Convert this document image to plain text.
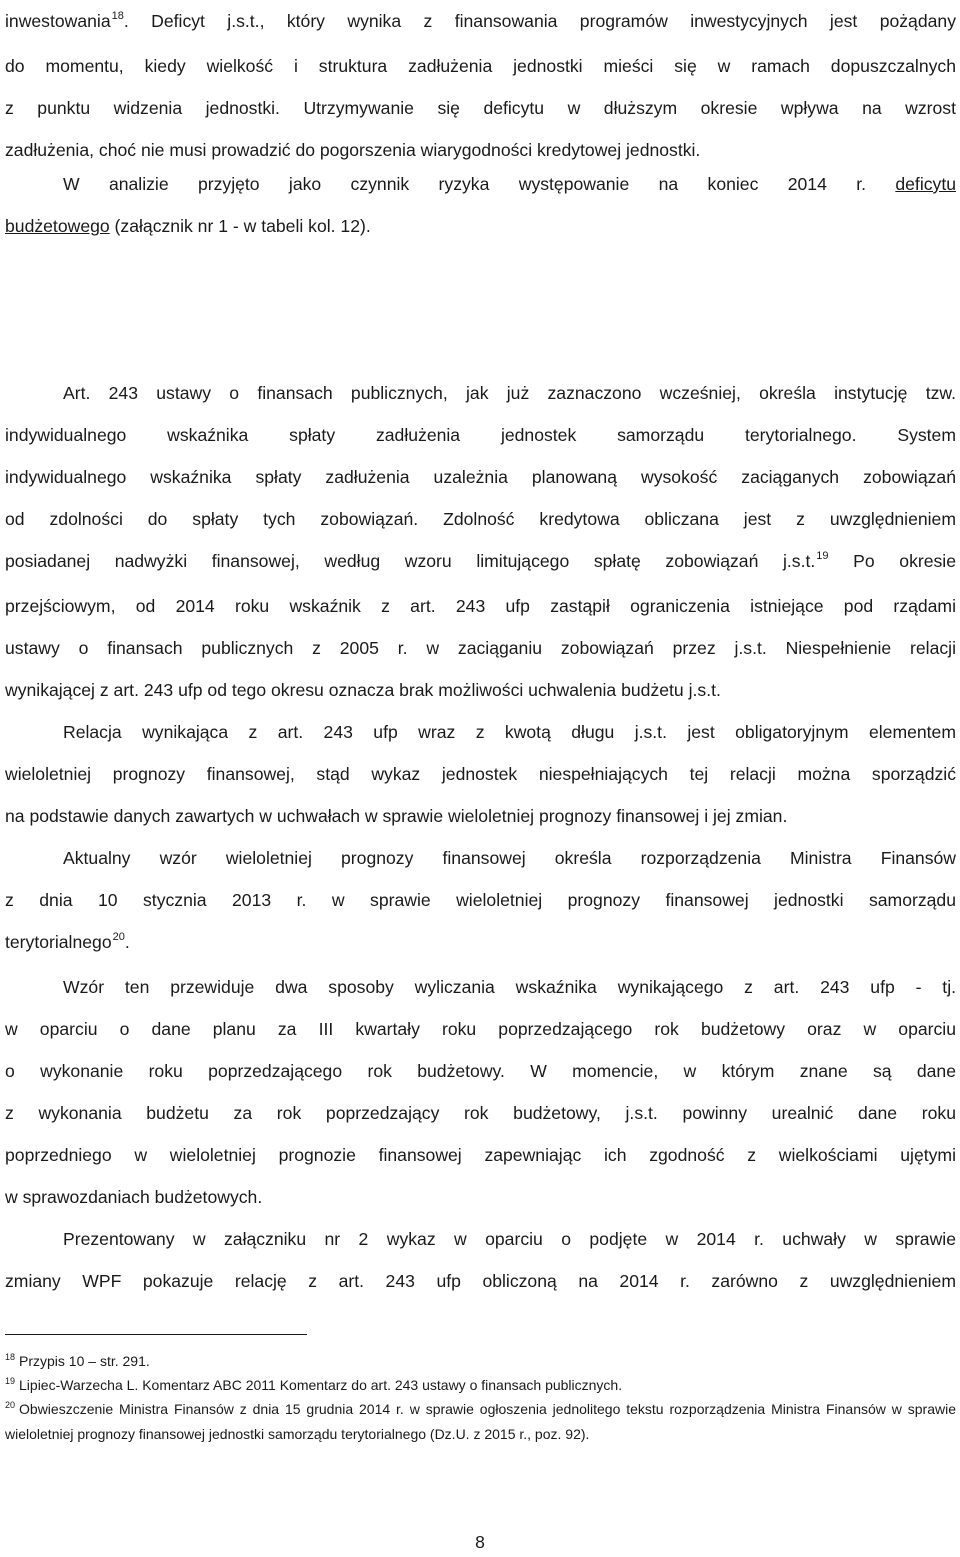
inwestowania$^{18}$. Deficyt j.s.t., który wynika z finansowania programów inwestycyjnych jest pożądany

do momentu, kiedy wielkość i struktura zadłużenia jednostki mieści się w ramach dopuszczalnych

z punktu widzenia jednostki. Utrzymywanie się deficytu w dłuższym okresie wpływa na wzrost

zadłużenia, choć nie musi prowadzić do pogorszenia wiarygodności kredytowej jednostki.

W analizie przyjęto jako czynnik ryzyka występowanie na koniec 2014 r. deficytu

budżetowego (załącznik nr 1 - w tabeli kol. 12).

Art. 243 ustawy o finansach publicznych, jak już zaznaczono wcześniej, określa instytucję tzw.

indywidualnego wskaźnika spłaty zadłużenia jednostek samorządu terytorialnego. System

indywidualnego wskaźnika spłaty zadłużenia uzależnia planowaną wysokość zaciąganych zobowiązań

od zdolności do spłaty tych zobowiązań. Zdolność kredytowa obliczana jest z uwzględnieniem

posiadanej nadwyżki finansowej, według wzoru limitującego spłatę zobowiązań j.s.t.$^{19}$ Po okresie

przejściowym, od 2014 roku wskaźnik z art. 243 ufp zastąpił ograniczenia istniejące pod rządami

ustawy o finansach publicznych z 2005 r. w zaciąganiu zobowiązań przez j.s.t. Niespełnienie relacji

wynikającej z art. 243 ufp od tego okresu oznacza brak możliwości uchwalenia budżetu j.s.t.

Relacja wynikająca z art. 243 ufp wraz z kwotą długu j.s.t. jest obligatoryjnym elementem

wieloletniej prognozy finansowej, stąd wykaz jednostek niespełniających tej relacji można sporządzić

na podstawie danych zawartych w uchwałach w sprawie wieloletniej prognozy finansowej i jej zmian.

Aktualny wzór wieloletniej prognozy finansowej określa rozporządzenia Ministra Finansów

z dnia 10 stycznia 2013 r. w sprawie wieloletniej prognozy finansowej jednostki samorządu

terytorialnego$^{20}$.

Wzór ten przewiduje dwa sposoby wyliczania wskaźnika wynikającego z art. 243 ufp - tj.

w oparciu o dane planu za III kwartały roku poprzedzającego rok budżetowy oraz w oparciu

o wykonanie roku poprzedzającego rok budżetowy. W momencie, w którym znane są dane

z wykonania budżetu za rok poprzedzający rok budżetowy, j.s.t. powinny urealnić dane roku

poprzedniego w wieloletniej prognozie finansowej zapewniając ich zgodność z wielkościami ujętymi

w sprawozdaniach budżetowych.

Prezentowany w załączniku nr 2 wykaz w oparciu o podjęte w 2014 r. uchwały w sprawie

zmiany WPF pokazuje relację z art. 243 ufp obliczoną na 2014 r. zarówno z uwzględnieniem

$^{18}$ Przypis 10 – str. 291.

$^{19}$ Lipiec-Warzecha L. Komentarz ABC 2011 Komentarz do art. 243 ustawy o finansach publicznych.

$^{20}$ Obwieszczenie Ministra Finansów z dnia 15 grudnia 2014 r. w sprawie ogłoszenia jednolitego tekstu rozporządzenia Ministra Finansów w sprawie wieloletniej prognozy finansowej jednostki samorządu terytorialnego (Dz.U. z 2015 r., poz. 92).

8
